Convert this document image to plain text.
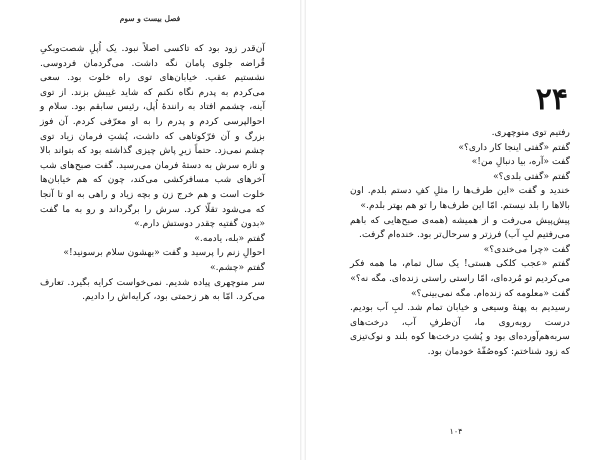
فصل بیست و سوم

آن‌قدر زود بود که تاکسی اصلاً نبود. یک اُپلِ شصت‌وبکیِ قُراضه جلوی پامان نگه داشت. می‌گردمان فردوسی. نشستیم عقب. خیابان‌های توی راه خلوت بود. سعی می‌کردم به پدرم نگاه نکنم که شاید غیبش بزند. از توی آینه، چشمم افتاد به رانندهٔ اُپل، رئیس سابقم بود. سلام و احوالپرسی کردم و پدرم را به او معرّفی کردم. آن فوز بزرگ و آن فرّکوتاهی که داشت، پُشتِ فرمان زیاد توی چشم نمی‌زد. حتماً زیرِ پاش چیزی گذاشته بود که بتواند بالا و تازه سرش به دستهٔ فرمان می‌رسید. گفت صبح‌های شب آخرهای شب مسافرکشی می‌کند، چون که هم خیابان‌ها خلوت است و هم خرج زن و بچه زیاد و راهی به او تا آنجا که می‌شود تقلّا کرد. سرش را برگرداند و رو به ما گفت «بدون گفتیه چقدر دوستش دارم.»

گفتم «بله، یادمه.»

احوالِ زنم را پرسید و گفت «بهشون سلام برسونید!»

گفتم «چشم.»

سر منوچهری پیاده شدیم. نمی‌خواست کرایه بگیرد. تعارف می‌کرد. امّا به هر زحمتی بود، کرایه‌اش را دادیم.

۲۴

رفتیم توی منوچهری.

گفتم «گفتی اینجا کار داری؟»

گفت «آره، بیا دنبالِ من!»

گفتم «گفتی بلدی؟»

خندید و گفت «این طرف‌ها را مثلِ کفِ دستم بلدم. اون بالاها را بلد نیستم. امّا این طرف‌ها را تو هم بهتر بلدم.»

پیش‌پیش می‌رفت و از همیشه (همه‌ی صبح‌هایی که باهم می‌رفتیم لبِ آب) فرزتر و سرحال‌تر بود. خنده‌ام گرفت.

گفت «چرا می‌خندی؟»

گفتم «عجب کلکی هستی! یک سال تمام، ما همه فکر می‌کردیم تو مُرده‌ای، امّا راستی راستی زنده‌ای. مگه نه؟»

گفت «معلومه که زنده‌ام. مگه نمی‌بینی؟»

رسیدیم به پهنهٔ وسیعی و خیابان تمام شد. لبِ آب بودیم. درست روبه‌روی ما، آن‌طرفِ آب، درخت‌های سربه‌هم‌آورده‌ای بود و پُشتِ درخت‌ها کوه بلند و نوک‌تیزی که زود شناختم: کوه‌صُفّهٔ خودمان بود.

۱۰۴
